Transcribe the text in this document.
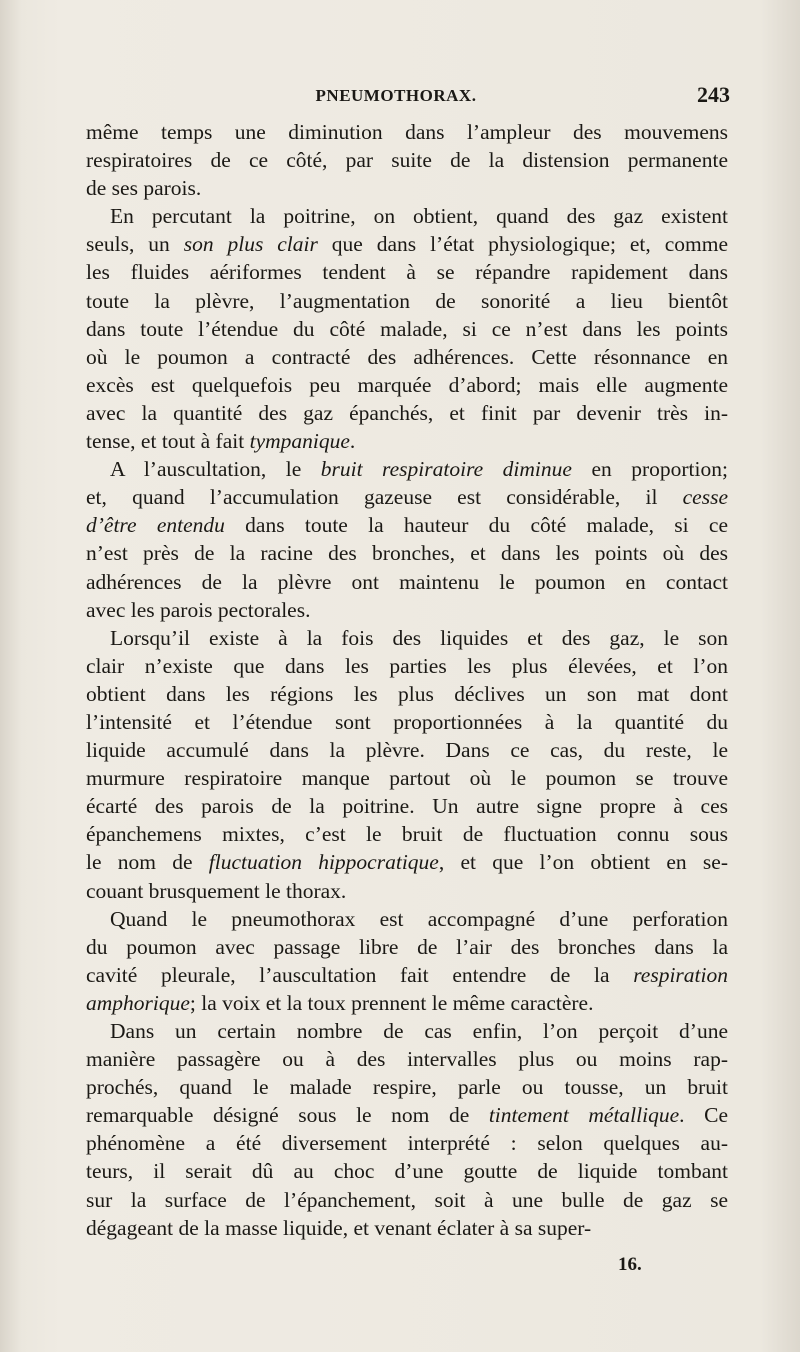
PNEUMOTHORAX.	243

même temps une diminution dans l’ampleur des mouvemens
respiratoires de ce côté, par suite de la distension permanente
de ses parois.

En percutant la poitrine, on obtient, quand des gaz existent
seuls, un son plus clair que dans l’état physiologique; et, comme
les fluides aériformes tendent à se répandre rapidement dans
toute la plèvre, l’augmentation de sonorité a lieu bientôt
dans toute l’étendue du côté malade, si ce n’est dans les points
où le poumon a contracté des adhérences. Cette résonnance en
excès est quelquefois peu marquée d’abord; mais elle augmente
avec la quantité des gaz épanchés, et finit par devenir très in-
tense, et tout à fait tympanique.

A l’auscultation, le bruit respiratoire diminue en proportion;
et, quand l’accumulation gazeuse est considérable, il cesse
d’être entendu dans toute la hauteur du côté malade, si ce
n’est près de la racine des bronches, et dans les points où des
adhérences de la plèvre ont maintenu le poumon en contact
avec les parois pectorales.

Lorsqu’il existe à la fois des liquides et des gaz, le son
clair n’existe que dans les parties les plus élevées, et l’on
obtient dans les régions les plus déclives un son mat dont
l’intensité et l’étendue sont proportionnées à la quantité du
liquide accumulé dans la plèvre. Dans ce cas, du reste, le
murmure respiratoire manque partout où le poumon se trouve
écarté des parois de la poitrine. Un autre signe propre à ces
épanchemens mixtes, c’est le bruit de fluctuation connu sous
le nom de fluctuation hippocratique, et que l’on obtient en se-
couant brusquement le thorax.

Quand le pneumothorax est accompagné d’une perforation
du poumon avec passage libre de l’air des bronches dans la
cavité pleurale, l’auscultation fait entendre de la respiration
amphorique; la voix et la toux prennent le même caractère.

Dans un certain nombre de cas enfin, l’on perçoit d’une
manière passagère ou à des intervalles plus ou moins rap-
prochés, quand le malade respire, parle ou tousse, un bruit
remarquable désigné sous le nom de tintement métallique. Ce
phénomène a été diversement interprété : selon quelques au-
teurs, il serait dû au choc d’une goutte de liquide tombant
sur la surface de l’épanchement, soit à une bulle de gaz se
dégageant de la masse liquide, et venant éclater à sa super-

16.
